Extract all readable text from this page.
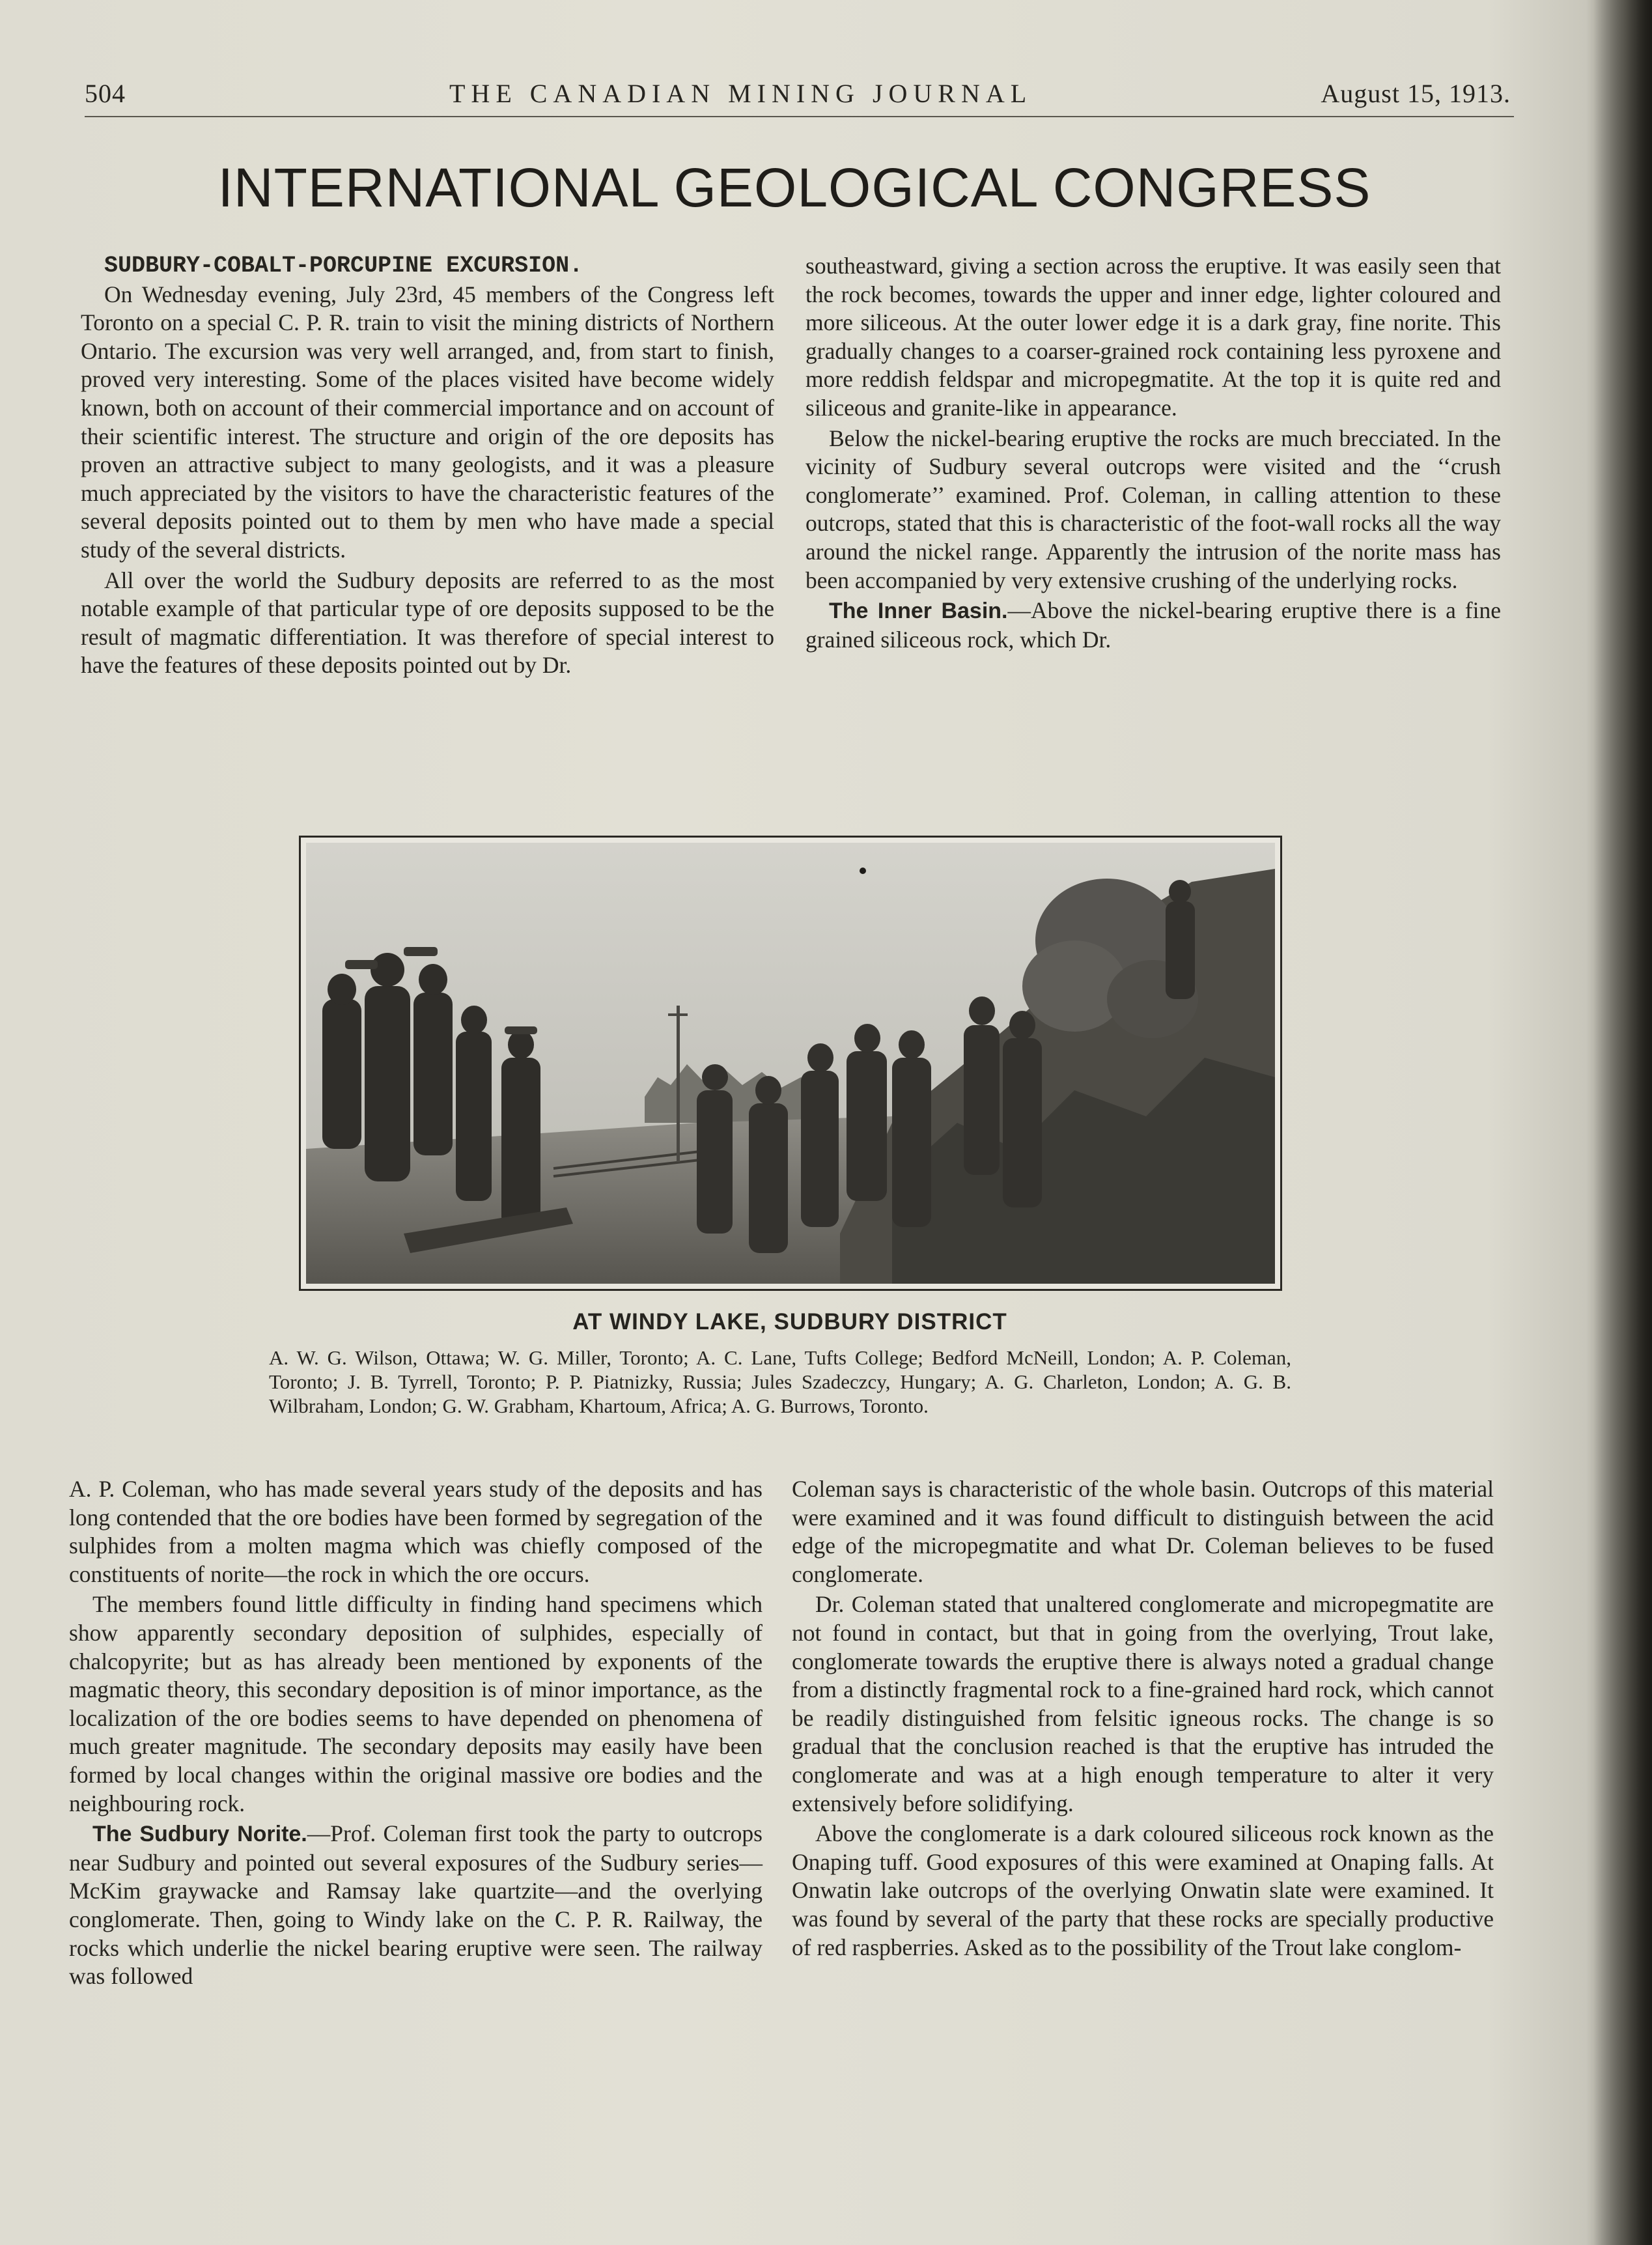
504	THE CANADIAN MINING JOURNAL	August 15, 1913.
INTERNATIONAL GEOLOGICAL CONGRESS

SUDBURY-COBALT-PORCUPINE EXCURSION.

On Wednesday evening, July 23rd, 45 members of the Congress left Toronto on a special C. P. R. train to visit the mining districts of Northern Ontario. The excursion was very well arranged, and, from start to finish, proved very interesting. Some of the places visited have become widely known, both on account of their commercial importance and on account of their scientific interest. The structure and origin of the ore deposits has proven an attractive subject to many geologists, and it was a pleasure much appreciated by the visitors to have the characteristic features of the several deposits pointed out to them by men who have made a special study of the several districts.

All over the world the Sudbury deposits are referred to as the most notable example of that particular type of ore deposits supposed to be the result of magmatic differentiation. It was therefore of special interest to have the features of these deposits pointed out by Dr.

southeastward, giving a section across the eruptive. It was easily seen that the rock becomes, towards the upper and inner edge, lighter coloured and more siliceous. At the outer lower edge it is a dark gray, fine norite. This gradually changes to a coarser-grained rock containing less pyroxene and more reddish feldspar and micropegmatite. At the top it is quite red and siliceous and granite-like in appearance.

Below the nickel-bearing eruptive the rocks are much brecciated. In the vicinity of Sudbury several outcrops were visited and the ‘‘crush conglomerate’’ examined. Prof. Coleman, in calling attention to these outcrops, stated that this is characteristic of the foot-wall rocks all the way around the nickel range. Apparently the intrusion of the norite mass has been accompanied by very extensive crushing of the underlying rocks.

The Inner Basin.—Above the nickel-bearing eruptive there is a fine grained siliceous rock, which Dr.

AT WINDY LAKE, SUDBURY DISTRICT
A. W. G. Wilson, Ottawa; W. G. Miller, Toronto; A. C. Lane, Tufts College; Bedford McNeill, London; A. P. Coleman, Toronto; J. B. Tyrrell, Toronto; P. P. Piatnizky, Russia; Jules Szadeczcy, Hungary; A. G. Charleton, London; A. G. B. Wilbraham, London; G. W. Grabham, Khartoum, Africa; A. G. Burrows, Toronto.

A. P. Coleman, who has made several years study of the deposits and has long contended that the ore bodies have been formed by segregation of the sulphides from a molten magma which was chiefly composed of the constituents of norite—the rock in which the ore occurs.

The members found little difficulty in finding hand specimens which show apparently secondary deposition of sulphides, especially of chalcopyrite; but as has already been mentioned by exponents of the magmatic theory, this secondary deposition is of minor importance, as the localization of the ore bodies seems to have depended on phenomena of much greater magnitude. The secondary deposits may easily have been formed by local changes within the original massive ore bodies and the neighbouring rock.

The Sudbury Norite.—Prof. Coleman first took the party to outcrops near Sudbury and pointed out several exposures of the Sudbury series—McKim graywacke and Ramsay lake quartzite—and the overlying conglomerate. Then, going to Windy lake on the C. P. R. Railway, the rocks which underlie the nickel bearing eruptive were seen. The railway was followed

Coleman says is characteristic of the whole basin. Outcrops of this material were examined and it was found difficult to distinguish between the acid edge of the micropegmatite and what Dr. Coleman believes to be fused conglomerate.

Dr. Coleman stated that unaltered conglomerate and micropegmatite are not found in contact, but that in going from the overlying, Trout lake, conglomerate towards the eruptive there is always noted a gradual change from a distinctly fragmental rock to a fine-grained hard rock, which cannot be readily distinguished from felsitic igneous rocks. The change is so gradual that the conclusion reached is that the eruptive has intruded the conglomerate and was at a high enough temperature to alter it very extensively before solidifying.

Above the conglomerate is a dark coloured siliceous rock known as the Onaping tuff. Good exposures of this were examined at Onaping falls. At Onwatin lake outcrops of the overlying Onwatin slate were examined. It was found by several of the party that these rocks are specially productive of red raspberries. Asked as to the possibility of the Trout lake conglom-
